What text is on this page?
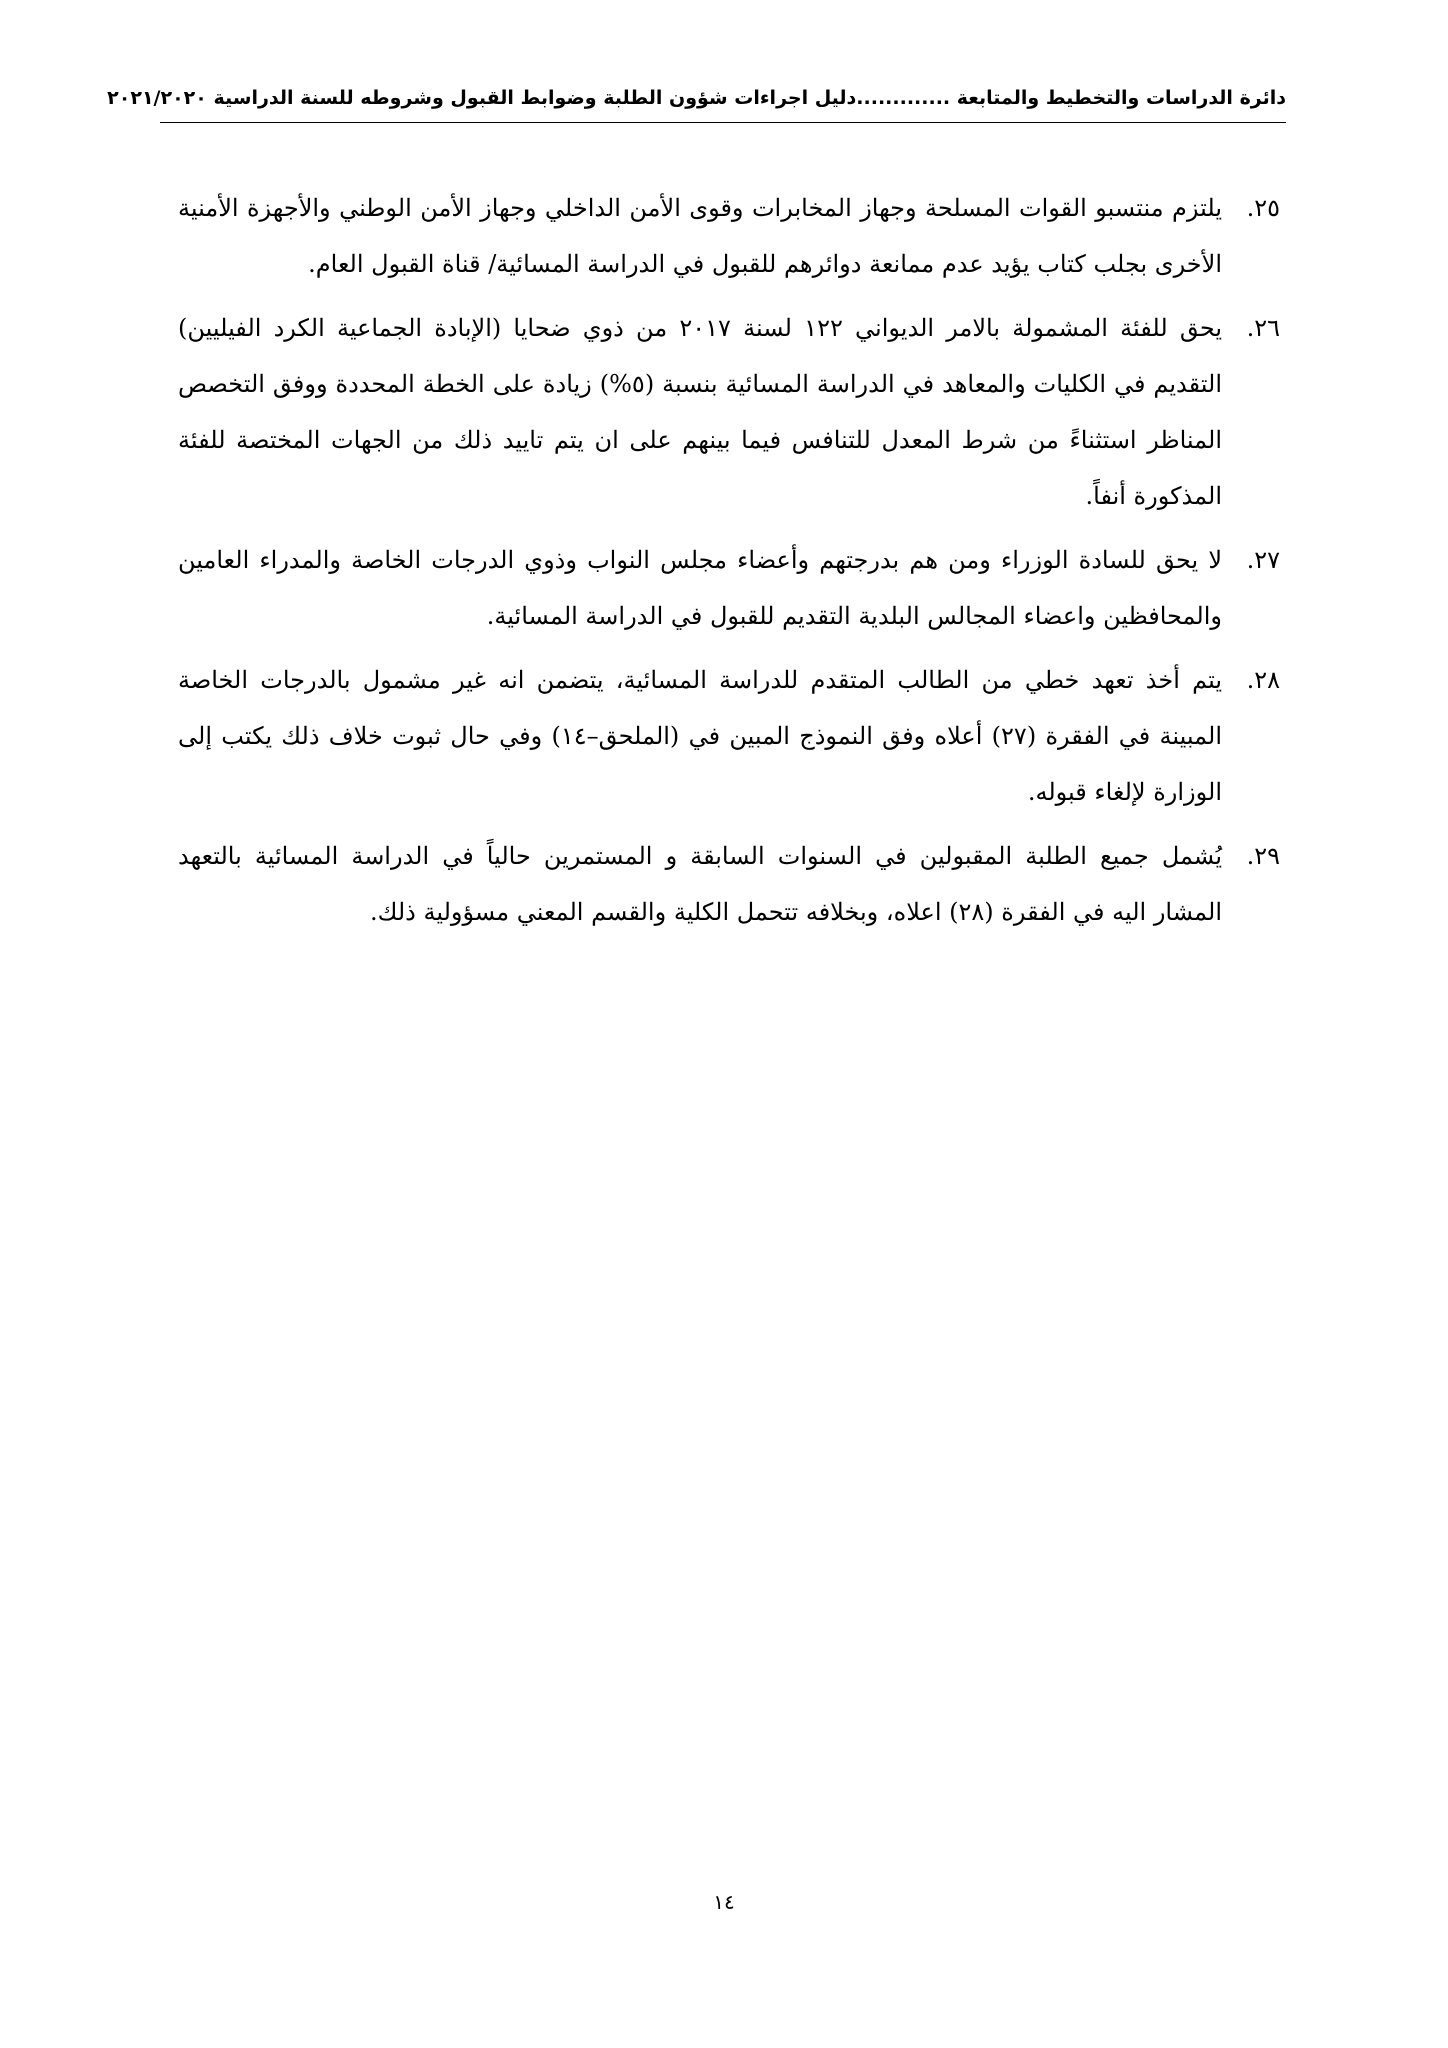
دائرة الدراسات والتخطيط والمتابعة .............دليل اجراءات شؤون الطلبة وضوابط القبول وشروطه للسنة الدراسية ٢٠٢١/٢٠٢٠
٢٥.
يلتزم منتسبو القوات المسلحة وجهاز المخابرات وقوى الأمن الداخلي وجهاز الأمن الوطني والأجهزة الأمنية الأخرى بجلب كتاب يؤيد عدم ممانعة دوائرهم للقبول في الدراسة المسائية/ قناة القبول العام.
٢٦.
يحق للفئة المشمولة بالامر الديواني ١٢٢ لسنة ٢٠١٧ من ذوي ضحايا (الإبادة الجماعية الكرد الفيليين) التقديم في الكليات والمعاهد في الدراسة المسائية بنسبة (٥%) زيادة على الخطة المحددة ووفق التخصص المناظر استثناءً من شرط المعدل للتنافس فيما بينهم على ان يتم تاييد ذلك من الجهات المختصة للفئة المذكورة أنفاً.
٢٧.
لا يحق للسادة الوزراء ومن هم بدرجتهم وأعضاء مجلس النواب وذوي الدرجات الخاصة والمدراء العامين والمحافظين واعضاء المجالس البلدية التقديم للقبول في الدراسة المسائية.
٢٨.
يتم أخذ تعهد خطي من الطالب المتقدم للدراسة المسائية، يتضمن انه غير مشمول بالدرجات الخاصة المبينة في الفقرة (٢٧) أعلاه وفق النموذج المبين في (الملحق–١٤) وفي حال ثبوت خلاف ذلك يكتب إلى الوزارة لإلغاء قبوله.
٢٩.
يُشمل جميع الطلبة المقبولين في السنوات السابقة و المستمرين حالياً في الدراسة المسائية بالتعهد المشار اليه في الفقرة (٢٨) اعلاه، وبخلافه تتحمل الكلية والقسم المعني مسؤولية ذلك.
١٤
